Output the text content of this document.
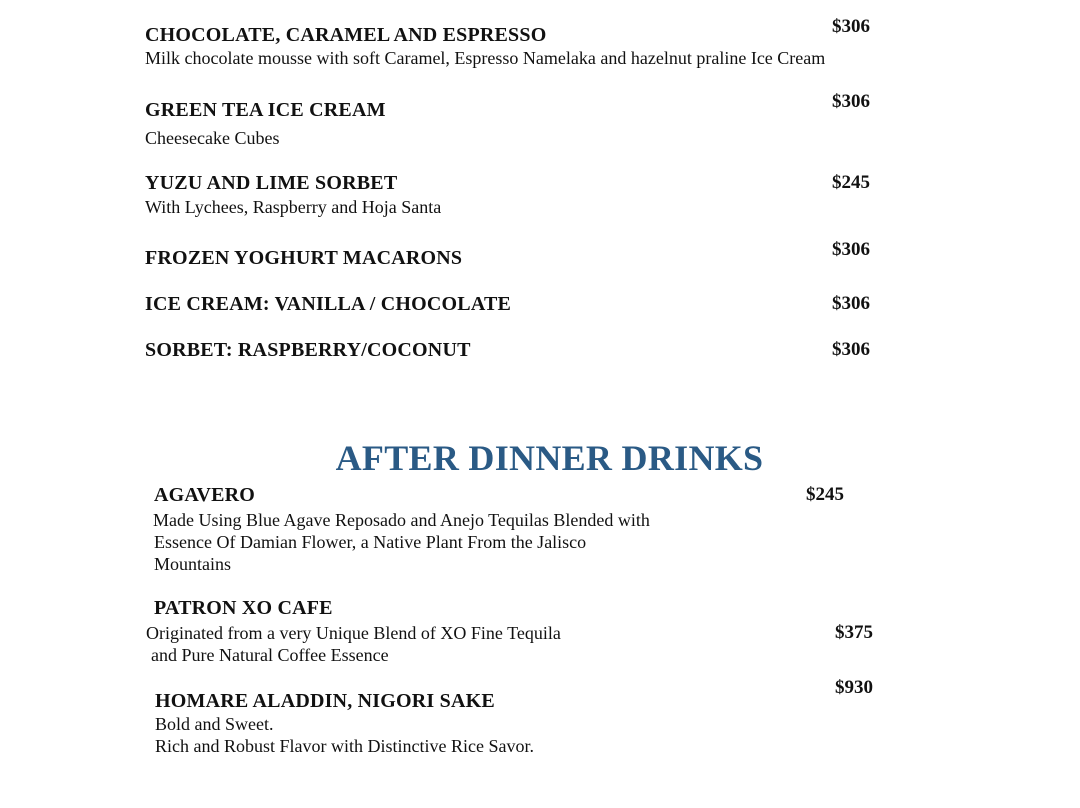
CHOCOLATE, CARAMEL AND ESPRESSO	$306
Milk chocolate mousse with soft Caramel, Espresso Namelaka and hazelnut praline Ice Cream
GREEN TEA ICE CREAM	$306
Cheesecake Cubes
YUZU AND LIME SORBET	$245
With Lychees, Raspberry and Hoja Santa
FROZEN YOGHURT MACARONS	$306
ICE CREAM: VANILLA / CHOCOLATE	$306
SORBET: RASPBERRY/COCONUT	$306
AFTER DINNER DRINKS
AGAVERO	$245
Made Using Blue Agave Reposado and Anejo Tequilas Blended with
Essence Of Damian Flower, a Native Plant From the Jalisco
Mountains
PATRON XO CAFE
Originated from a very Unique Blend of XO Fine Tequila	$375
and Pure Natural Coffee Essence
HOMARE ALADDIN, NIGORI SAKE
$930
Bold and Sweet.
Rich and Robust Flavor with Distinctive Rice Savor.
